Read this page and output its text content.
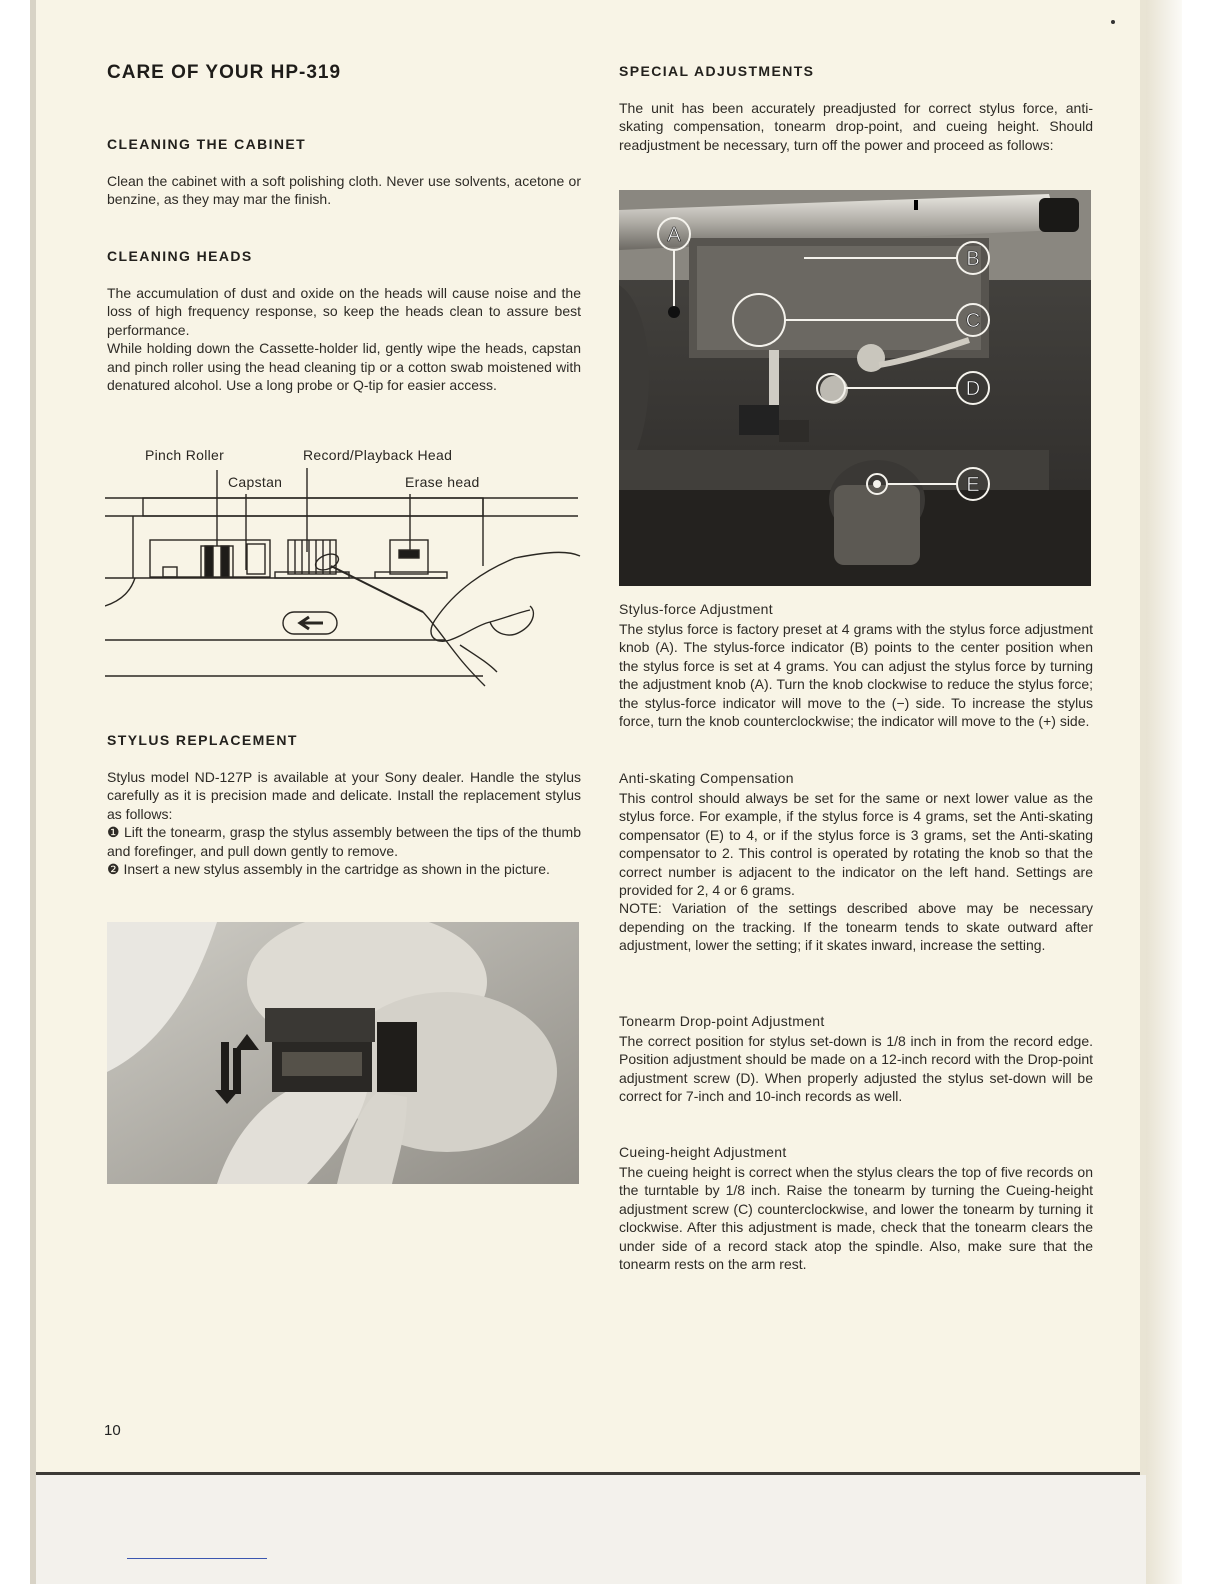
CARE OF YOUR HP-319
CLEANING THE CABINET

Clean the cabinet with a soft polishing cloth. Never use solvents, acetone or benzine, as they may mar the finish.

CLEANING HEADS

The accumulation of dust and oxide on the heads will cause noise and the loss of high frequency response, so keep the heads clean to assure best performance.

While holding down the Cassette-holder lid, gently wipe the heads, capstan and pinch roller using the head cleaning tip or a cotton swab moistened with denatured alcohol. Use a long probe or Q-tip for easier access.

Pinch Roller	Record/Playback Head
Capstan	Erase head
STYLUS REPLACEMENT

Stylus model ND-127P is available at your Sony dealer. Handle the stylus carefully as it is precision made and delicate. Install the replacement stylus as follows:

❶ Lift the tonearm, grasp the stylus assembly between the tips of the thumb and forefinger, and pull down gently to remove.

❷ Insert a new stylus assembly in the cartridge as shown in the picture.

10
SPECIAL ADJUSTMENTS

The unit has been accurately preadjusted for correct stylus force, anti-skating compensation, tonearm drop-point, and cueing height. Should readjustment be necessary, turn off the power and proceed as follows:

A
B
C
D
E
Stylus-force Adjustment

The stylus force is factory preset at 4 grams with the stylus force adjustment knob (A). The stylus-force indicator (B) points to the center position when the stylus force is set at 4 grams. You can adjust the stylus force by turning the adjustment knob (A). Turn the knob clockwise to reduce the stylus force; the stylus-force indicator will move to the (−) side. To increase the stylus force, turn the knob counterclockwise; the indicator will move to the (+) side.

Anti-skating Compensation

This control should always be set for the same or next lower value as the stylus force. For example, if the stylus force is 4 grams, set the Anti-skating compensator (E) to 4, or if the stylus force is 3 grams, set the Anti-skating compensator to 2. This control is operated by rotating the knob so that the correct number is adjacent to the indicator on the left hand. Settings are provided for 2, 4 or 6 grams.

NOTE: Variation of the settings described above may be necessary depending on the tracking. If the tonearm tends to skate outward after adjustment, lower the setting; if it skates inward, increase the setting.

Tonearm Drop-point Adjustment

The correct position for stylus set-down is 1/8 inch in from the record edge. Position adjustment should be made on a 12-inch record with the Drop-point adjustment screw (D). When properly adjusted the stylus set-down will be correct for 7-inch and 10-inch records as well.

Cueing-height Adjustment

The cueing height is correct when the stylus clears the top of five records on the turntable by 1/8 inch. Raise the tonearm by turning the Cueing-height adjustment screw (C) counterclockwise, and lower the tonearm by turning it clockwise. After this adjustment is made, check that the tonearm clears the under side of a record stack atop the spindle. Also, make sure that the tonearm rests on the arm rest.
